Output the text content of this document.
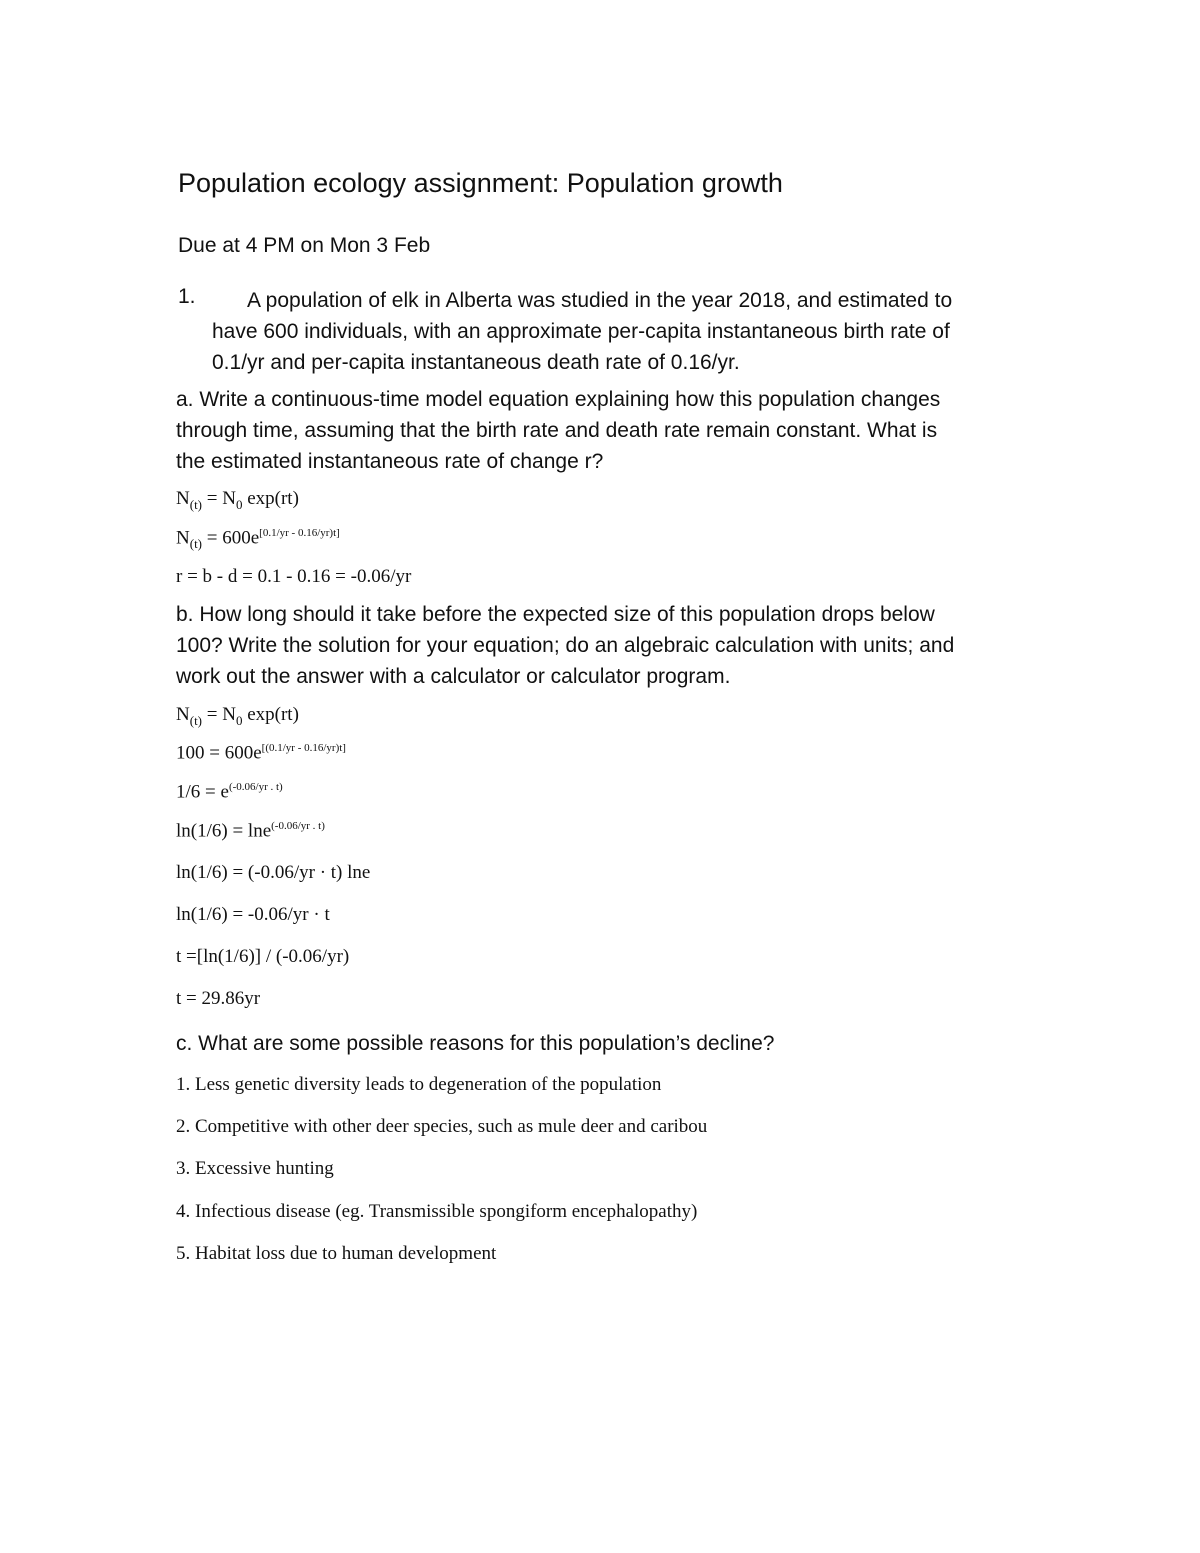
Population ecology assignment: Population growth
Due at 4 PM on Mon 3 Feb
1.	A population of elk in Alberta was studied in the year 2018, and estimated to have 600 individuals, with an approximate per-capita instantaneous birth rate of 0.1/yr and per-capita instantaneous death rate of 0.16/yr.
a. Write a continuous-time model equation explaining how this population changes through time, assuming that the birth rate and death rate remain constant. What is the estimated instantaneous rate of change r?
$N_{(t)} = N_0$ exp(rt)
$N_{(t)} = 600e[0.1/yr - 0.16/yr)t]$
r = b - d = 0.1 - 0.16 = -0.06/yr
b. How long should it take before the expected size of this population drops below 100? Write the solution for your equation; do an algebraic calculation with units; and work out the answer with a calculator or calculator program.
$N_{(t)} = N_0$ exp(rt)
100 = 600e[(0.1/yr - 0.16/yr)t]
$1/6 = e^{(-0.06/yr . t)}$
ln(1/6) = lne$^{(-0.06/yr . t)}$
ln(1/6) = (-0.06/yr · t) lne
ln(1/6) = -0.06/yr · t
t =[ln(1/6)] / (-0.06/yr)
t = 29.86yr
c. What are some possible reasons for this population’s decline?
1. Less genetic diversity leads to degeneration of the population
2. Competitive with other deer species, such as mule deer and caribou
3. Excessive hunting
4. Infectious disease (eg. Transmissible spongiform encephalopathy)
5. Habitat loss due to human development
